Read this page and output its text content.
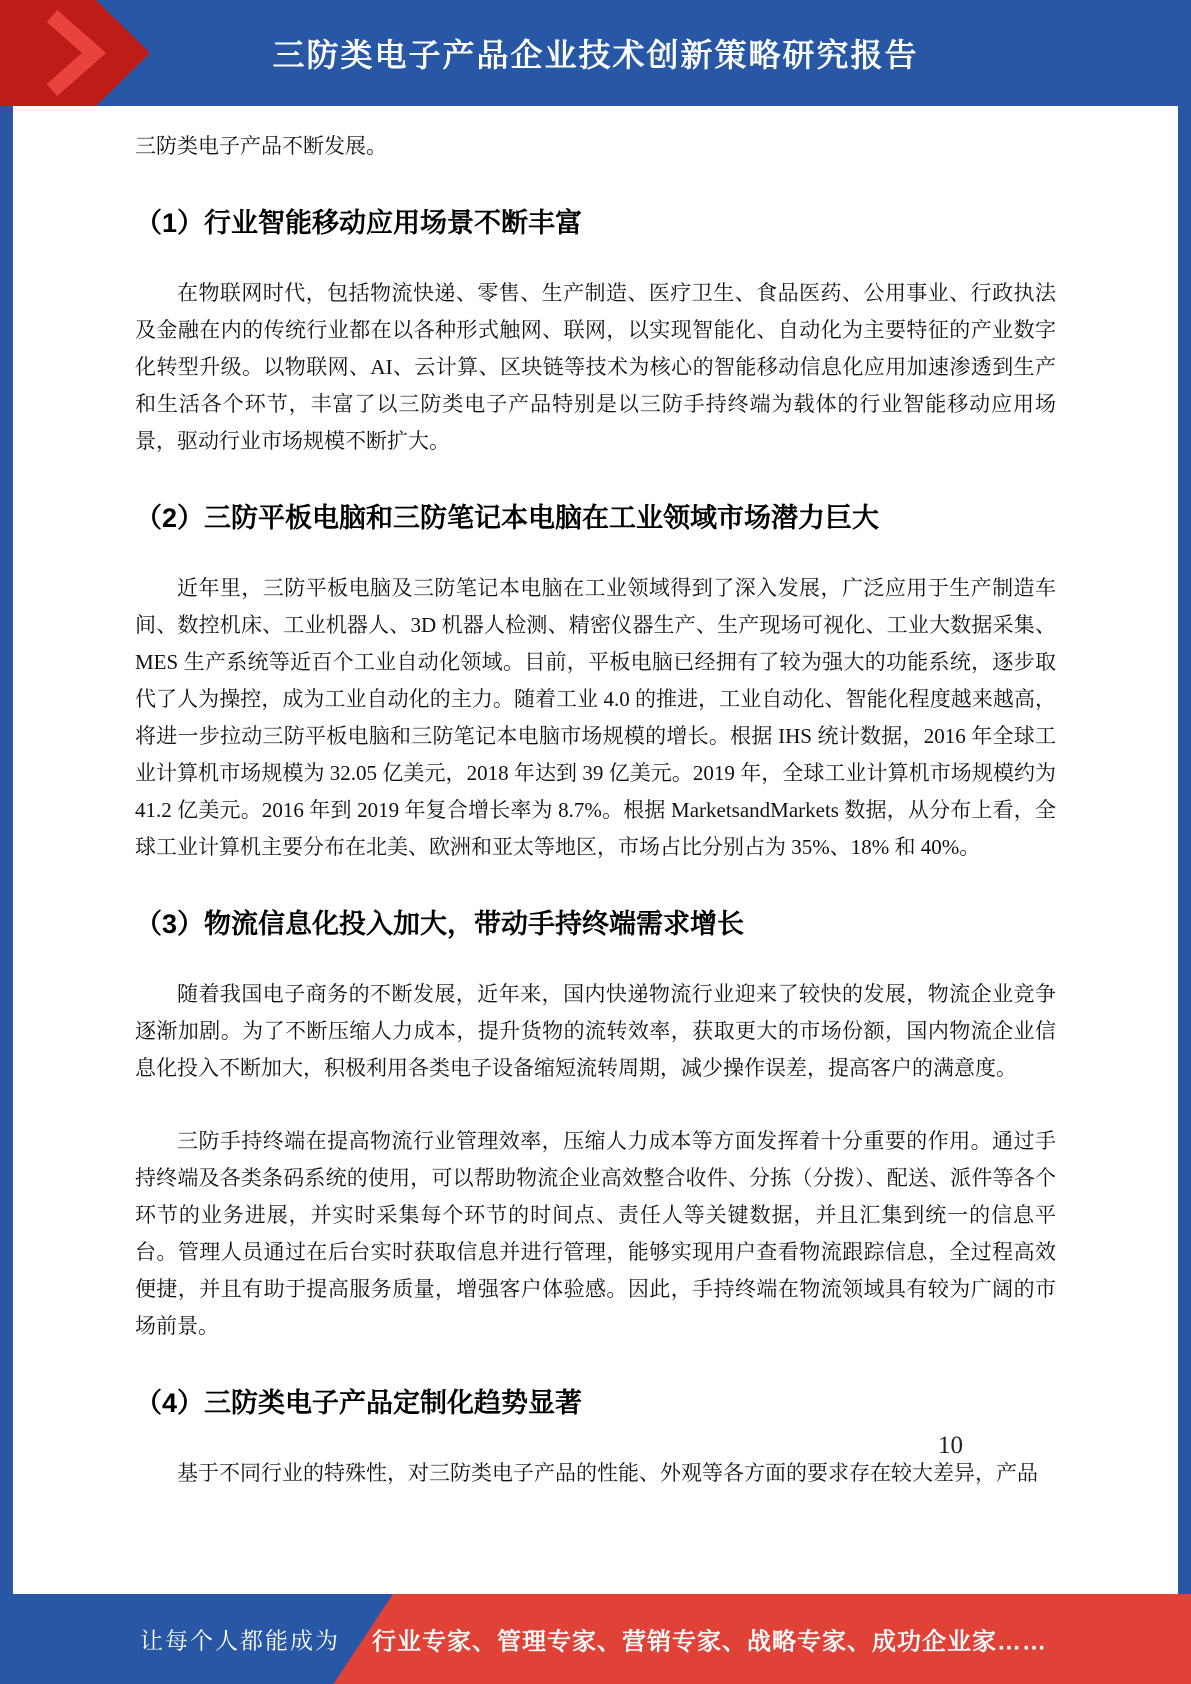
三防类电子产品企业技术创新策略研究报告

三防类电子产品不断发展。

（1）行业智能移动应用场景不断丰富

在物联网时代，包括物流快递、零售、生产制造、医疗卫生、食品医药、公用事业、行政执法及金融在内的传统行业都在以各种形式触网、联网，以实现智能化、自动化为主要特征的产业数字化转型升级。以物联网、AI、云计算、区块链等技术为核心的智能移动信息化应用加速渗透到生产和生活各个环节，丰富了以三防类电子产品特别是以三防手持终端为载体的行业智能移动应用场景，驱动行业市场规模不断扩大。

（2）三防平板电脑和三防笔记本电脑在工业领域市场潜力巨大

近年里，三防平板电脑及三防笔记本电脑在工业领域得到了深入发展，广泛应用于生产制造车间、数控机床、工业机器人、3D 机器人检测、精密仪器生产、生产现场可视化、工业大数据采集、MES 生产系统等近百个工业自动化领域。目前，平板电脑已经拥有了较为强大的功能系统，逐步取代了人为操控，成为工业自动化的主力。随着工业 4.0 的推进，工业自动化、智能化程度越来越高，将进一步拉动三防平板电脑和三防笔记本电脑市场规模的增长。根据 IHS 统计数据，2016 年全球工业计算机市场规模为 32.05 亿美元，2018 年达到 39 亿美元。2019 年，全球工业计算机市场规模约为 41.2 亿美元。2016 年到 2019 年复合增长率为 8.7%。根据 MarketsandMarkets 数据，从分布上看，全球工业计算机主要分布在北美、欧洲和亚太等地区，市场占比分别占为 35%、18% 和 40%。

（3）物流信息化投入加大，带动手持终端需求增长

随着我国电子商务的不断发展，近年来，国内快递物流行业迎来了较快的发展，物流企业竞争逐渐加剧。为了不断压缩人力成本，提升货物的流转效率，获取更大的市场份额，国内物流企业信息化投入不断加大，积极利用各类电子设备缩短流转周期，减少操作误差，提高客户的满意度。

三防手持终端在提高物流行业管理效率，压缩人力成本等方面发挥着十分重要的作用。通过手持终端及各类条码系统的使用，可以帮助物流企业高效整合收件、分拣（分拨）、配送、派件等各个环节的业务进展，并实时采集每个环节的时间点、责任人等关键数据，并且汇集到统一的信息平台。管理人员通过在后台实时获取信息并进行管理，能够实现用户查看物流跟踪信息，全过程高效便捷，并且有助于提高服务质量，增强客户体验感。因此，手持终端在物流领域具有较为广阔的市场前景。

（4）三防类电子产品定制化趋势显著

基于不同行业的特殊性，对三防类电子产品的性能、外观等各方面的要求存在较大差异，产品

10
让每个人都能成为 行业专家、管理专家、营销专家、战略专家、成功企业家……
